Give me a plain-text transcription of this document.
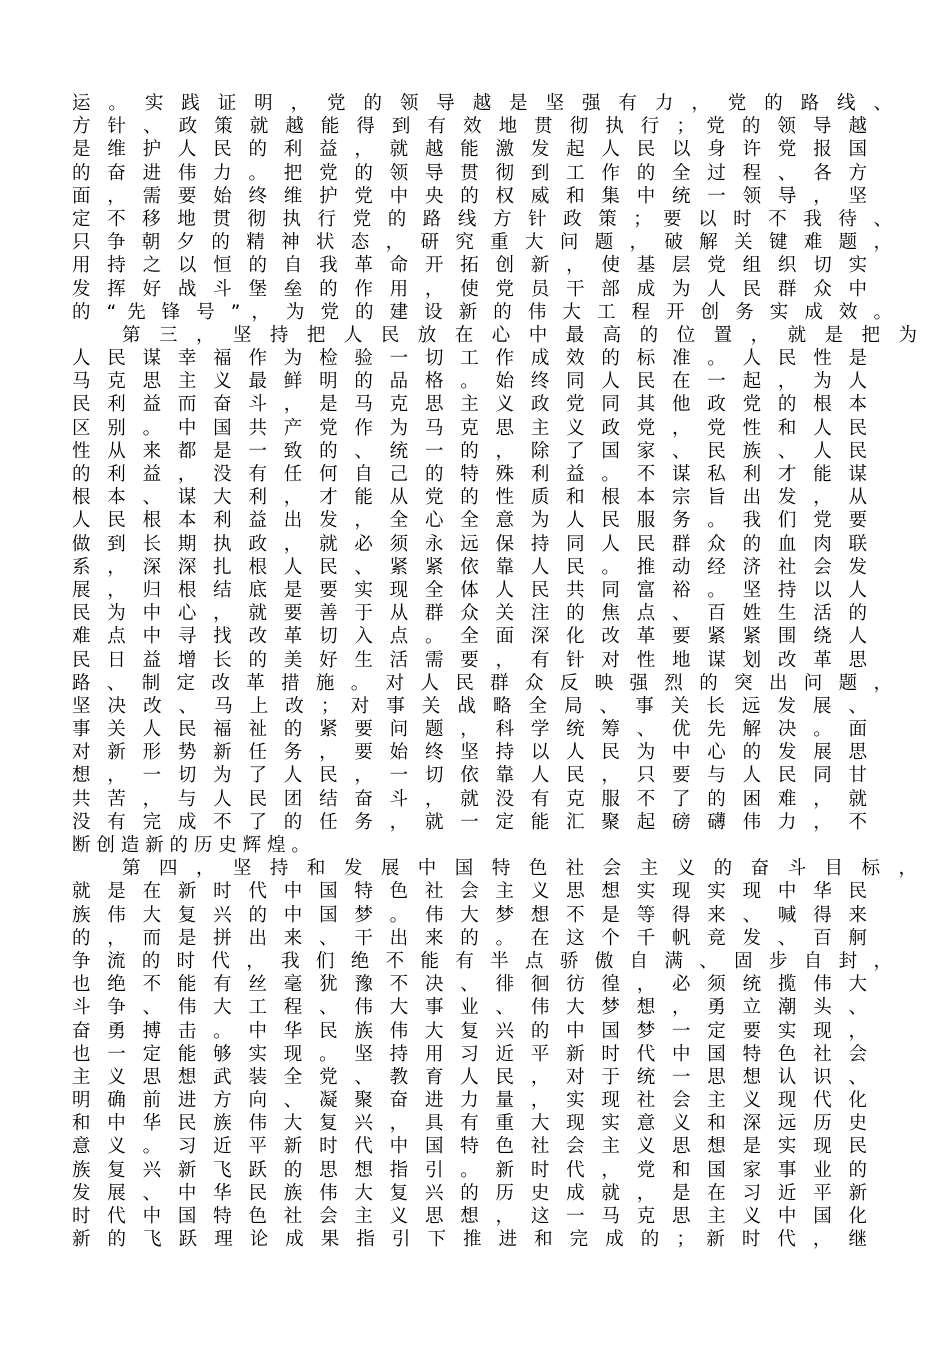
运 。 实 践 证 明 ， 党 的 领 导 越 是 坚 强 有 力 ， 党 的 路 线 、
方 针 、 政 策 就 越 能 得 到 有 效 地 贯 彻 执 行 ； 党 的 领 导 越
是 维 护 人 民 的 利 益 ， 就 越 能 激 发 起 人 民 以 身 许 党 报 国
的 奋 进 伟 力 。 把 党 的 领 导 贯 彻 到 工 作 的 全 过 程 、 各 方
面 ， 需 要 始 终 维 护 党 中 央 的 权 威 和 集 中 统 一 领 导 ， 坚
定 不 移 地 贯 彻 执 行 党 的 路 线 方 针 政 策 ； 要 以 时 不 我 待 、
只 争 朝 夕 的 精 神 状 态 ， 研 究 重 大 问 题 ， 破 解 关 键 难 题 ，
用 持 之 以 恒 的 自 我 革 命 开 拓 创 新 ， 使 基 层 党 组 织 切 实
发 挥 好 战 斗 堡 垒 的 作 用 ， 使 党 员 干 部 成 为 人 民 群 众 中
的 “ 先 锋 号 ” ， 为 党 的 建 设 新 的 伟 大 工 程 开 创 务 实 成 效 。
第 三 ， 坚 持 把 人 民 放 在 心 中 最 高 的 位 置 ， 就 是 把 为
人 民 谋 幸 福 作 为 检 验 一 切 工 作 成 效 的 标 准 。 人 民 性 是
马 克 思 主 义 最 鲜 明 的 品 格 。 始 终 同 人 民 在 一 起 ， 为 人
民 利 益 而 奋 斗 ， 是 马 克 思 主 义 政 党 同 其 他 政 党 的 根 本
区 别 。 中 国 共 产 党 作 为 马 克 思 主 义 政 党 ， 党 性 和 人 民
性 从 来 都 是 一 致 的 、 统 一 的 ， 除 了 国 家 、 民 族 、 人 民
的 利 益 ， 没 有 任 何 自 己 的 特 殊 利 益 。 不 谋 私 利 才 能 谋
根 本 、 谋 大 利 ， 才 能 从 党 的 性 质 和 根 本 宗 旨 出 发 ， 从
人 民 根 本 利 益 出 发 ， 全 心 全 意 为 人 民 服 务 。 我 们 党 要
做 到 长 期 执 政 ， 就 必 须 永 远 保 持 同 人 民 群 众 的 血 肉 联
系 ， 深 深 扎 根 人 民 、 紧 紧 依 靠 人 民 。 推 动 经 济 社 会 发
展 ， 归 根 结 底 是 要 实 现 全 体 人 民 共 同 富 裕 。 坚 持 以 人
民 为 中 心 ， 就 要 善 于 从 群 众 关 注 的 焦 点 、 百 姓 生 活 的
难 点 中 寻 找 改 革 切 入 点 。 全 面 深 化 改 革 要 紧 紧 围 绕 人
民 日 益 增 长 的 美 好 生 活 需 要 ， 有 针 对 性 地 谋 划 改 革 思
路 、 制 定 改 革 措 施 。 对 人 民 群 众 反 映 强 烈 的 突 出 问 题 ，
坚 决 改 、 马 上 改 ； 对 事 关 战 略 全 局 、 事 关 长 远 发 展 、
事 关 人 民 福 祉 的 紧 要 问 题 ， 科 学 统 筹 、 优 先 解 决 。 面
对 新 形 势 新 任 务 ， 要 始 终 坚 持 以 人 民 为 中 心 的 发 展 思
想 ， 一 切 为 了 人 民 ， 一 切 依 靠 人 民 ， 只 要 与 人 民 同 甘
共 苦 ， 与 人 民 团 结 奋 斗 ， 就 没 有 克 服 不 了 的 困 难 ， 就
没 有 完 成 不 了 的 任 务 ， 就 一 定 能 汇 聚 起 磅 礴 伟 力 ， 不
断 创 造 新 的 历 史 辉 煌 。
第 四 ， 坚 持 和 发 展 中 国 特 色 社 会 主 义 的 奋 斗 目 标 ，
就 是 在 新 时 代 中 国 特 色 社 会 主 义 思 想 实 现 实 现 中 华 民
族 伟 大 复 兴 的 中 国 梦 。 伟 大 梦 想 不 是 等 得 来 、 喊 得 来
的 ， 而 是 拼 出 来 、 干 出 来 的 。 在 这 个 千 帆 竞 发 、 百 舸
争 流 的 时 代 ， 我 们 绝 不 能 有 半 点 骄 傲 自 满 、 固 步 自 封 ，
也 绝 不 能 有 丝 毫 犹 豫 不 决 、 徘 徊 彷 徨 ， 必 须 统 揽 伟 大
斗 争 、 伟 大 工 程 、 伟 大 事 业 、 伟 大 梦 想 ， 勇 立 潮 头 、
奋 勇 搏 击 。 中 华 民 族 伟 大 复 兴 的 中 国 梦 一 定 要 实 现 ，
也 一 定 能 够 实 现 。 坚 持 用 习 近 平 新 时 代 中 国 特 色 社 会
主 义 思 想 武 装 全 党 、 教 育 人 民 ， 对 于 统 一 思 想 认 识 、
明 确 前 进 方 向 、 凝 聚 奋 进 力 量 ， 实 现 社 会 主 义 现 代 化
和 中 华 民 族 伟 大 复 兴 ， 具 有 重 大 现 实 意 义 和 深 远 历 史
意 义 。 习 近 平 新 时 代 中 国 特 色 社 会 主 义 思 想 是 实 现 民
族 复 兴 新 飞 跃 的 思 想 指 引 。 新 时 代 ， 党 和 国 家 事 业 的
发 展 、 中 华 民 族 伟 大 复 兴 的 历 史 成 就 ， 是 在 习 近 平 新
时 代 中 国 特 色 社 会 主 义 思 想 ， 这 一 马 克 思 主 义 中 国 化
新 的 飞 跃 理 论 成 果 指 引 下 推 进 和 完 成 的 ； 新 时 代 ， 继
